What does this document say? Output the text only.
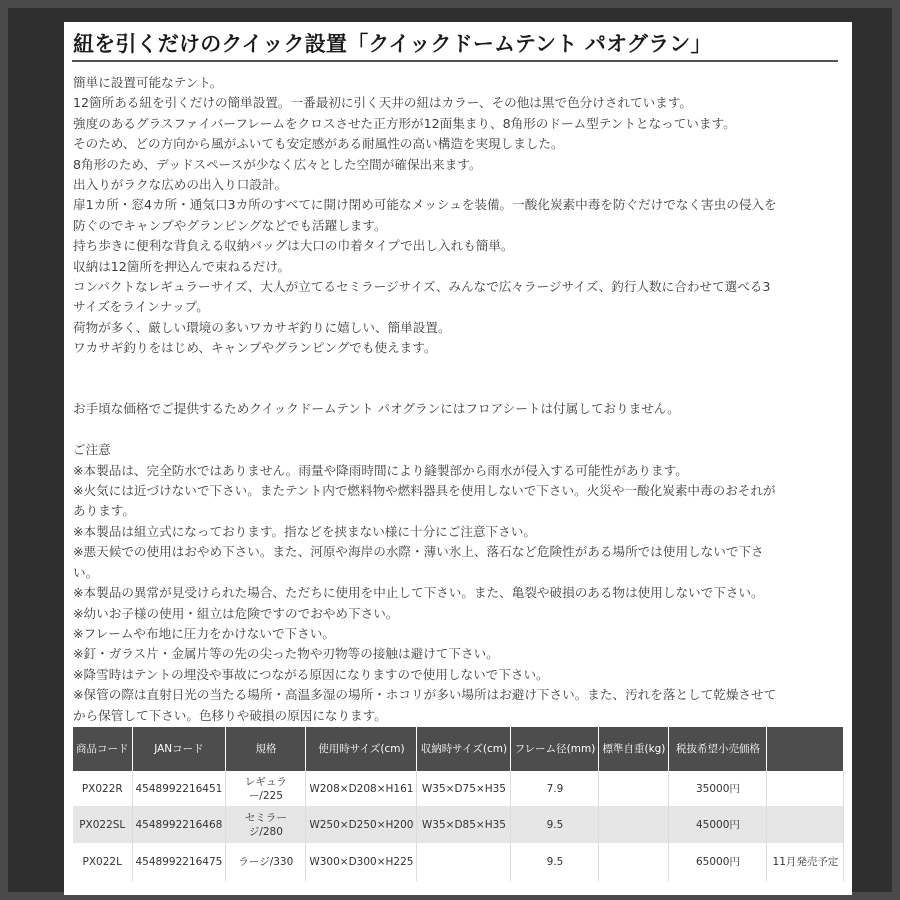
紐を引くだけのクイック設置「クイックドームテント パオグラン」
簡単に設置可能なテント。
12箇所ある紐を引くだけの簡単設置。一番最初に引く天井の紐はカラー、その他は黒で色分けされています。
強度のあるグラスファイバーフレームをクロスさせた正方形が12面集まり、8角形のドーム型テントとなっています。
そのため、どの方向から風がふいても安定感がある耐風性の高い構造を実現しました。
8角形のため、デッドスペースが少なく広々とした空間が確保出来ます。
出入りがラクな広めの出入り口設計。
扉1カ所・窓4カ所・通気口3カ所のすべてに開け閉め可能なメッシュを装備。一酸化炭素中毒を防ぐだけでなく害虫の侵入を
防ぐのでキャンプやグランピングなどでも活躍します。
持ち歩きに便利な背負える収納バッグは大口の巾着タイプで出し入れも簡単。
収納は12箇所を押込んで束ねるだけ。
コンパクトなレギュラーサイズ、大人が立てるセミラージサイズ、みんなで広々ラージサイズ、釣行人数に合わせて選べる3
サイズをラインナップ。
荷物が多く、厳しい環境の多いワカサギ釣りに嬉しい、簡単設置。
ワカサギ釣りをはじめ、キャンプやグランピングでも使えます。
お手頃な価格でご提供するためクイックドームテント パオグランにはフロアシートは付属しておりません。
ご注意
※本製品は、完全防水ではありません。雨量や降雨時間により縫製部から雨水が侵入する可能性があります。
※火気には近づけないで下さい。またテント内で燃料物や燃料器具を使用しないで下さい。火災や一酸化炭素中毒のおそれが
あります。
※本製品は組立式になっております。指などを挟まない様に十分にご注意下さい。
※悪天候での使用はおやめ下さい。また、河原や海岸の水際・薄い氷上、落石など危険性がある場所では使用しないで下さ
い。
※本製品の異常が見受けられた場合、ただちに使用を中止して下さい。また、亀裂や破損のある物は使用しないで下さい。
※幼いお子様の使用・組立は危険ですのでおやめ下さい。
※フレームや布地に圧力をかけないで下さい。
※釘・ガラス片・金属片等の先の尖った物や刃物等の接触は避けて下さい。
※降雪時はテントの埋没や事故につながる原因になりますので使用しないで下さい。
※保管の際は直射日光の当たる場所・高温多湿の場所・ホコリが多い場所はお避け下さい。また、汚れを落として乾燥させて
から保管して下さい。色移りや破損の原因になります。
商品コード	JANコード	規格	使用時サイズ(cm)	収納時サイズ(cm)	フレーム径(mm)	標準自重(kg)	税抜希望小売価格	
PX022R	4548992216451	レギュラー/225	W208×D208×H161	W35×D75×H35	7.9		35000円	
PX022SL	4548992216468	セミラージ/280	W250×D250×H200	W35×D85×H35	9.5		45000円	
PX022L	4548992216475	ラージ/330	W300×D300×H225		9.5		65000円	11月発売予定
